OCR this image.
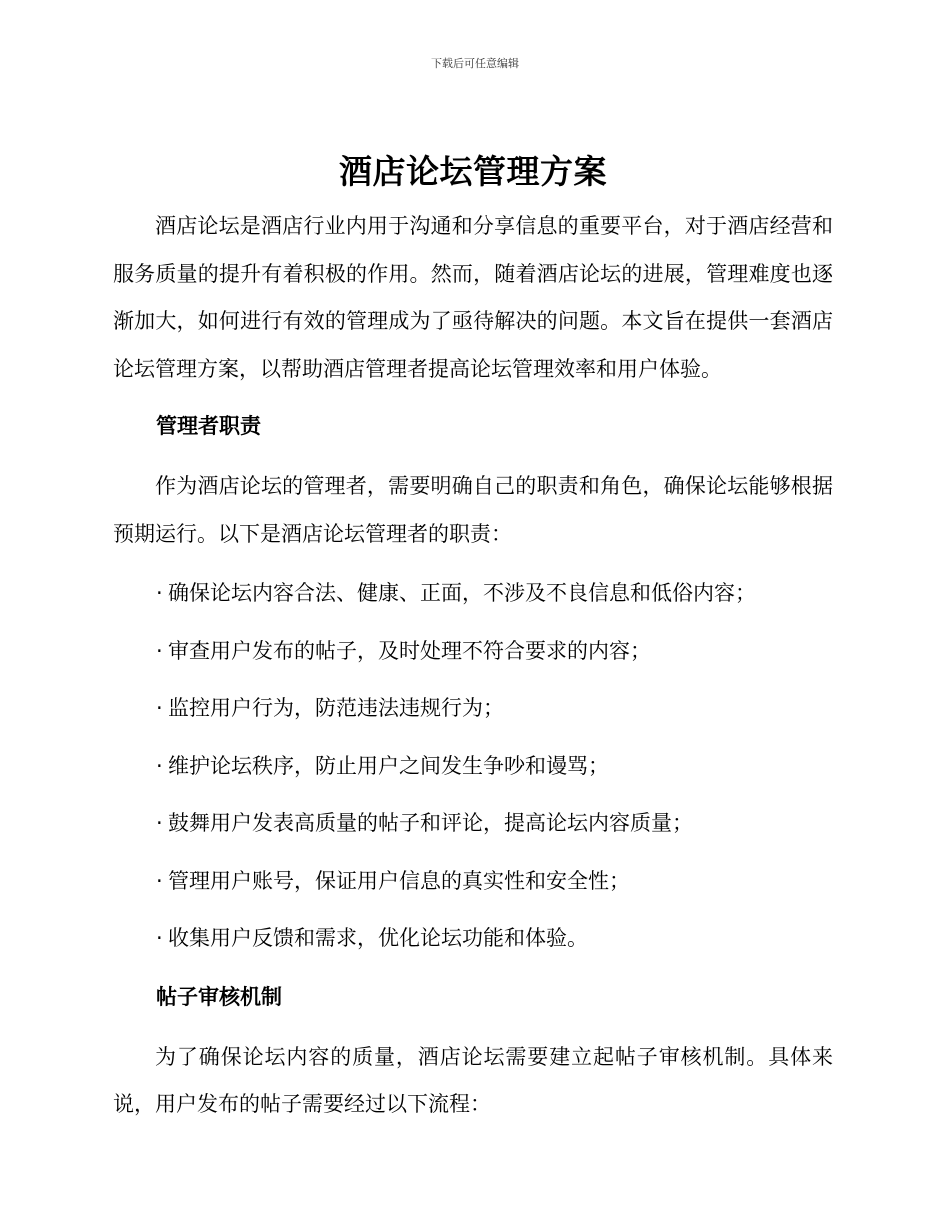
下载后可任意编辑
酒店论坛管理方案

酒店论坛是酒店行业内用于沟通和分享信息的重要平台，对于酒店经营和服务质量的提升有着积极的作用。然而，随着酒店论坛的进展，管理难度也逐渐加大，如何进行有效的管理成为了亟待解决的问题。本文旨在提供一套酒店论坛管理方案，以帮助酒店管理者提高论坛管理效率和用户体验。

管理者职责

作为酒店论坛的管理者，需要明确自己的职责和角色，确保论坛能够根据预期运行。以下是酒店论坛管理者的职责：

· 确保论坛内容合法、健康、正面，不涉及不良信息和低俗内容；
· 审查用户发布的帖子，及时处理不符合要求的内容；
· 监控用户行为，防范违法违规行为；
· 维护论坛秩序，防止用户之间发生争吵和谩骂；
· 鼓舞用户发表高质量的帖子和评论，提高论坛内容质量；
· 管理用户账号，保证用户信息的真实性和安全性；
· 收集用户反馈和需求，优化论坛功能和体验。
帖子审核机制

为了确保论坛内容的质量，酒店论坛需要建立起帖子审核机制。具体来说，用户发布的帖子需要经过以下流程：
